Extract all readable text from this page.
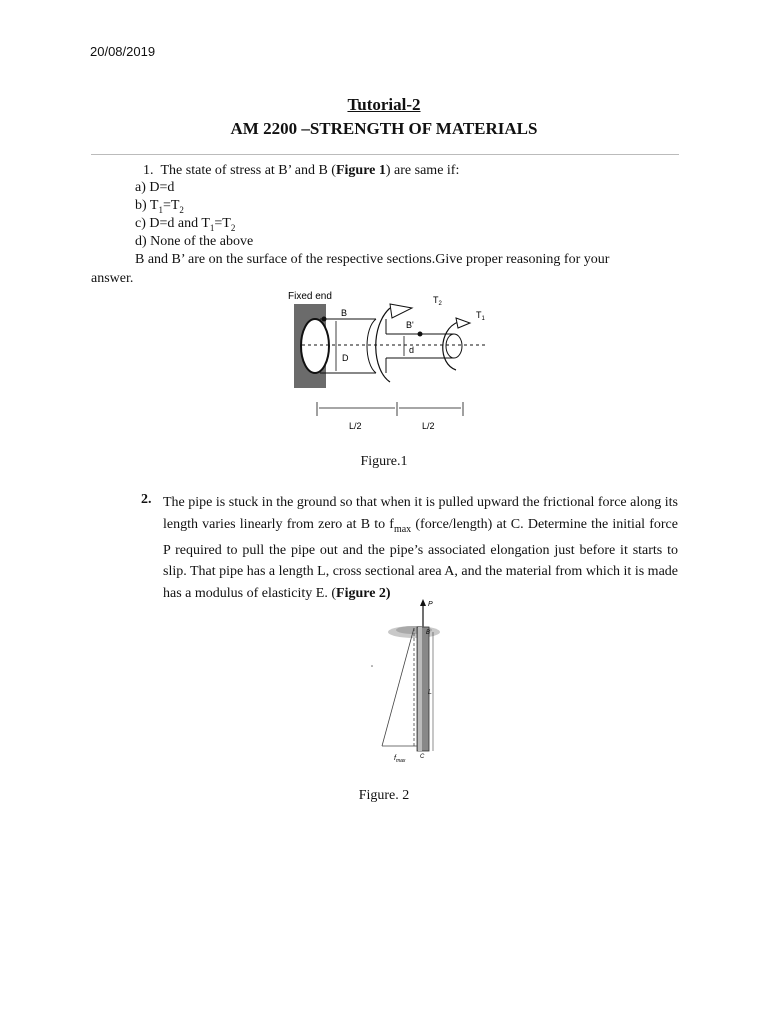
20/08/2019
Tutorial-2
AM 2200 –STRENGTH OF MATERIALS
1. The state of stress at B’ and B (Figure 1) are same if:
a) D=d
b) $T_1=T_2$
c) D=d and $T_1=T_2$
d) None of the above
B and B’ are on the surface of the respective sections.Give proper reasoning for your
answer.
Fixed end
B
B'
$T_2$
$T_1$
D
d
L/2	L/2
Figure.1
2. The pipe is stuck in the ground so that when it is pulled upward the frictional force along its length varies linearly from zero at B to $f_{max}$ (force/length) at C. Determine the initial force P required to pull the pipe out and the pipe’s associated elongation just before it starts to slip. That pipe has a length L, cross sectional area A, and the material from which it is made has a modulus of elasticity E. (Figure 2)
P
B
L
C
$f_{max}$
Figure. 2
